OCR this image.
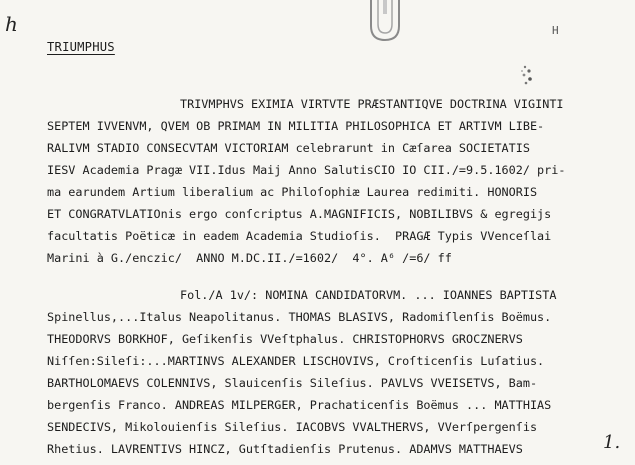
h	H
TRIUMPHUS
TRIVMPHVS EXIMIA VIRTVTE PRÆSTANTIQVE DOCTRINA VIGINTI
SEPTEM IVVENVM, QVEM OB PRIMAM IN MILITIA PHILOSOPHICA ET ARTIVM LIBE-
RALIVM STADIO CONSECVTAM VICTORIAM celebrarunt in Cæſarea SOCIETATIS
IESV Academia Pragæ VII.Idus Maij Anno SalutisCIO IO CII./=9.5.1602/ pri-
ma earundem Artium liberalium ac Philoſophiæ Laurea redimiti. HONORIS
ET CONGRATVLATIOnis ergo conſcriptus A.MAGNIFICIS, NOBILIBVS & egregijs
facultatis Poëticæ in eadem Academia Studioſis.  PRAGÆ Typis VVenceſlai
Marini à G./enczic/  ANNO M.DC.II./=1602/  4°. A⁶ /=6/ ff
Fol./A 1v/: NOMINA CANDIDATORVM. ... IOANNES BAPTISTA
Spinellus,...Italus Neapolitanus. THOMAS BLASIVS, Radomiſlenſis Boëmus.
THEODORVS BORKHOF, Geſikenſis VVeſtphalus. CHRISTOPHORVS GROCZNERVS
Niſſen:Sileſi:...MARTINVS ALEXANDER LISCHOVIVS, Croſticenſis Luſatius.
BARTHOLOMAEVS COLENNIVS, Slauicenſis Sileſius. PAVLVS VVEISETVS, Bam-
bergenſis Franco. ANDREAS MILPERGER, Prachaticenſis Boëmus ... MATTHIAS
SENDECIVS, Mikolouienſis Sileſius. IACOBVS VVALTHERVS, VVerſpergenſis
Rhetius. LAVRENTIVS HINCZ, Gutſtadienſis Prutenus. ADAMVS MATTHAEVS	1.
